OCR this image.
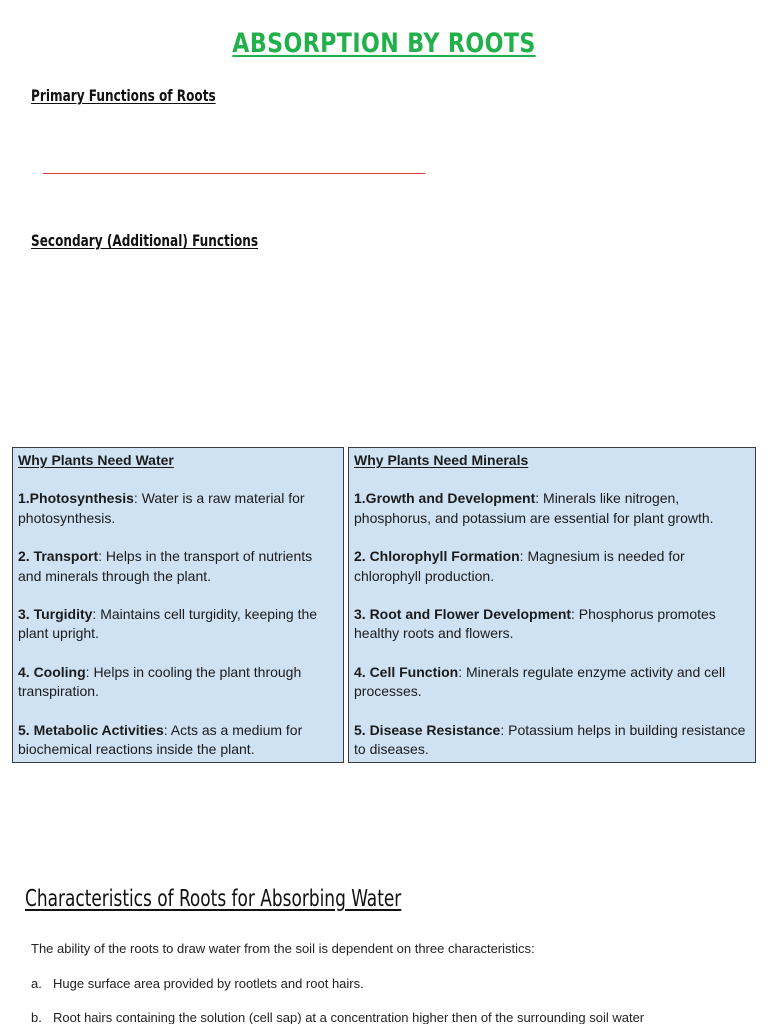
ABSORPTION BY ROOTS
Primary Functions of Roots
Secondary (Additional) Functions
Why Plants Need Water
1.Photosynthesis: Water is a raw material for photosynthesis.
2. Transport: Helps in the transport of nutrients and minerals through the plant.
3. Turgidity: Maintains cell turgidity, keeping the plant upright.
4. Cooling: Helps in cooling the plant through transpiration.
5. Metabolic Activities: Acts as a medium for biochemical reactions inside the plant.
Why Plants Need Minerals
1.Growth and Development: Minerals like nitrogen, phosphorus, and potassium are essential for plant growth.
2. Chlorophyll Formation: Magnesium is needed for chlorophyll production.
3. Root and Flower Development: Phosphorus promotes healthy roots and flowers.
4. Cell Function: Minerals regulate enzyme activity and cell processes.
5. Disease Resistance: Potassium helps in building resistance to diseases.
Characteristics of Roots for Absorbing Water
The ability of the roots to draw water from the soil is dependent on three characteristics:
a. Huge surface area provided by rootlets and root hairs.
b. Root hairs containing the solution (cell sap) at a concentration higher then of the surrounding soil water
